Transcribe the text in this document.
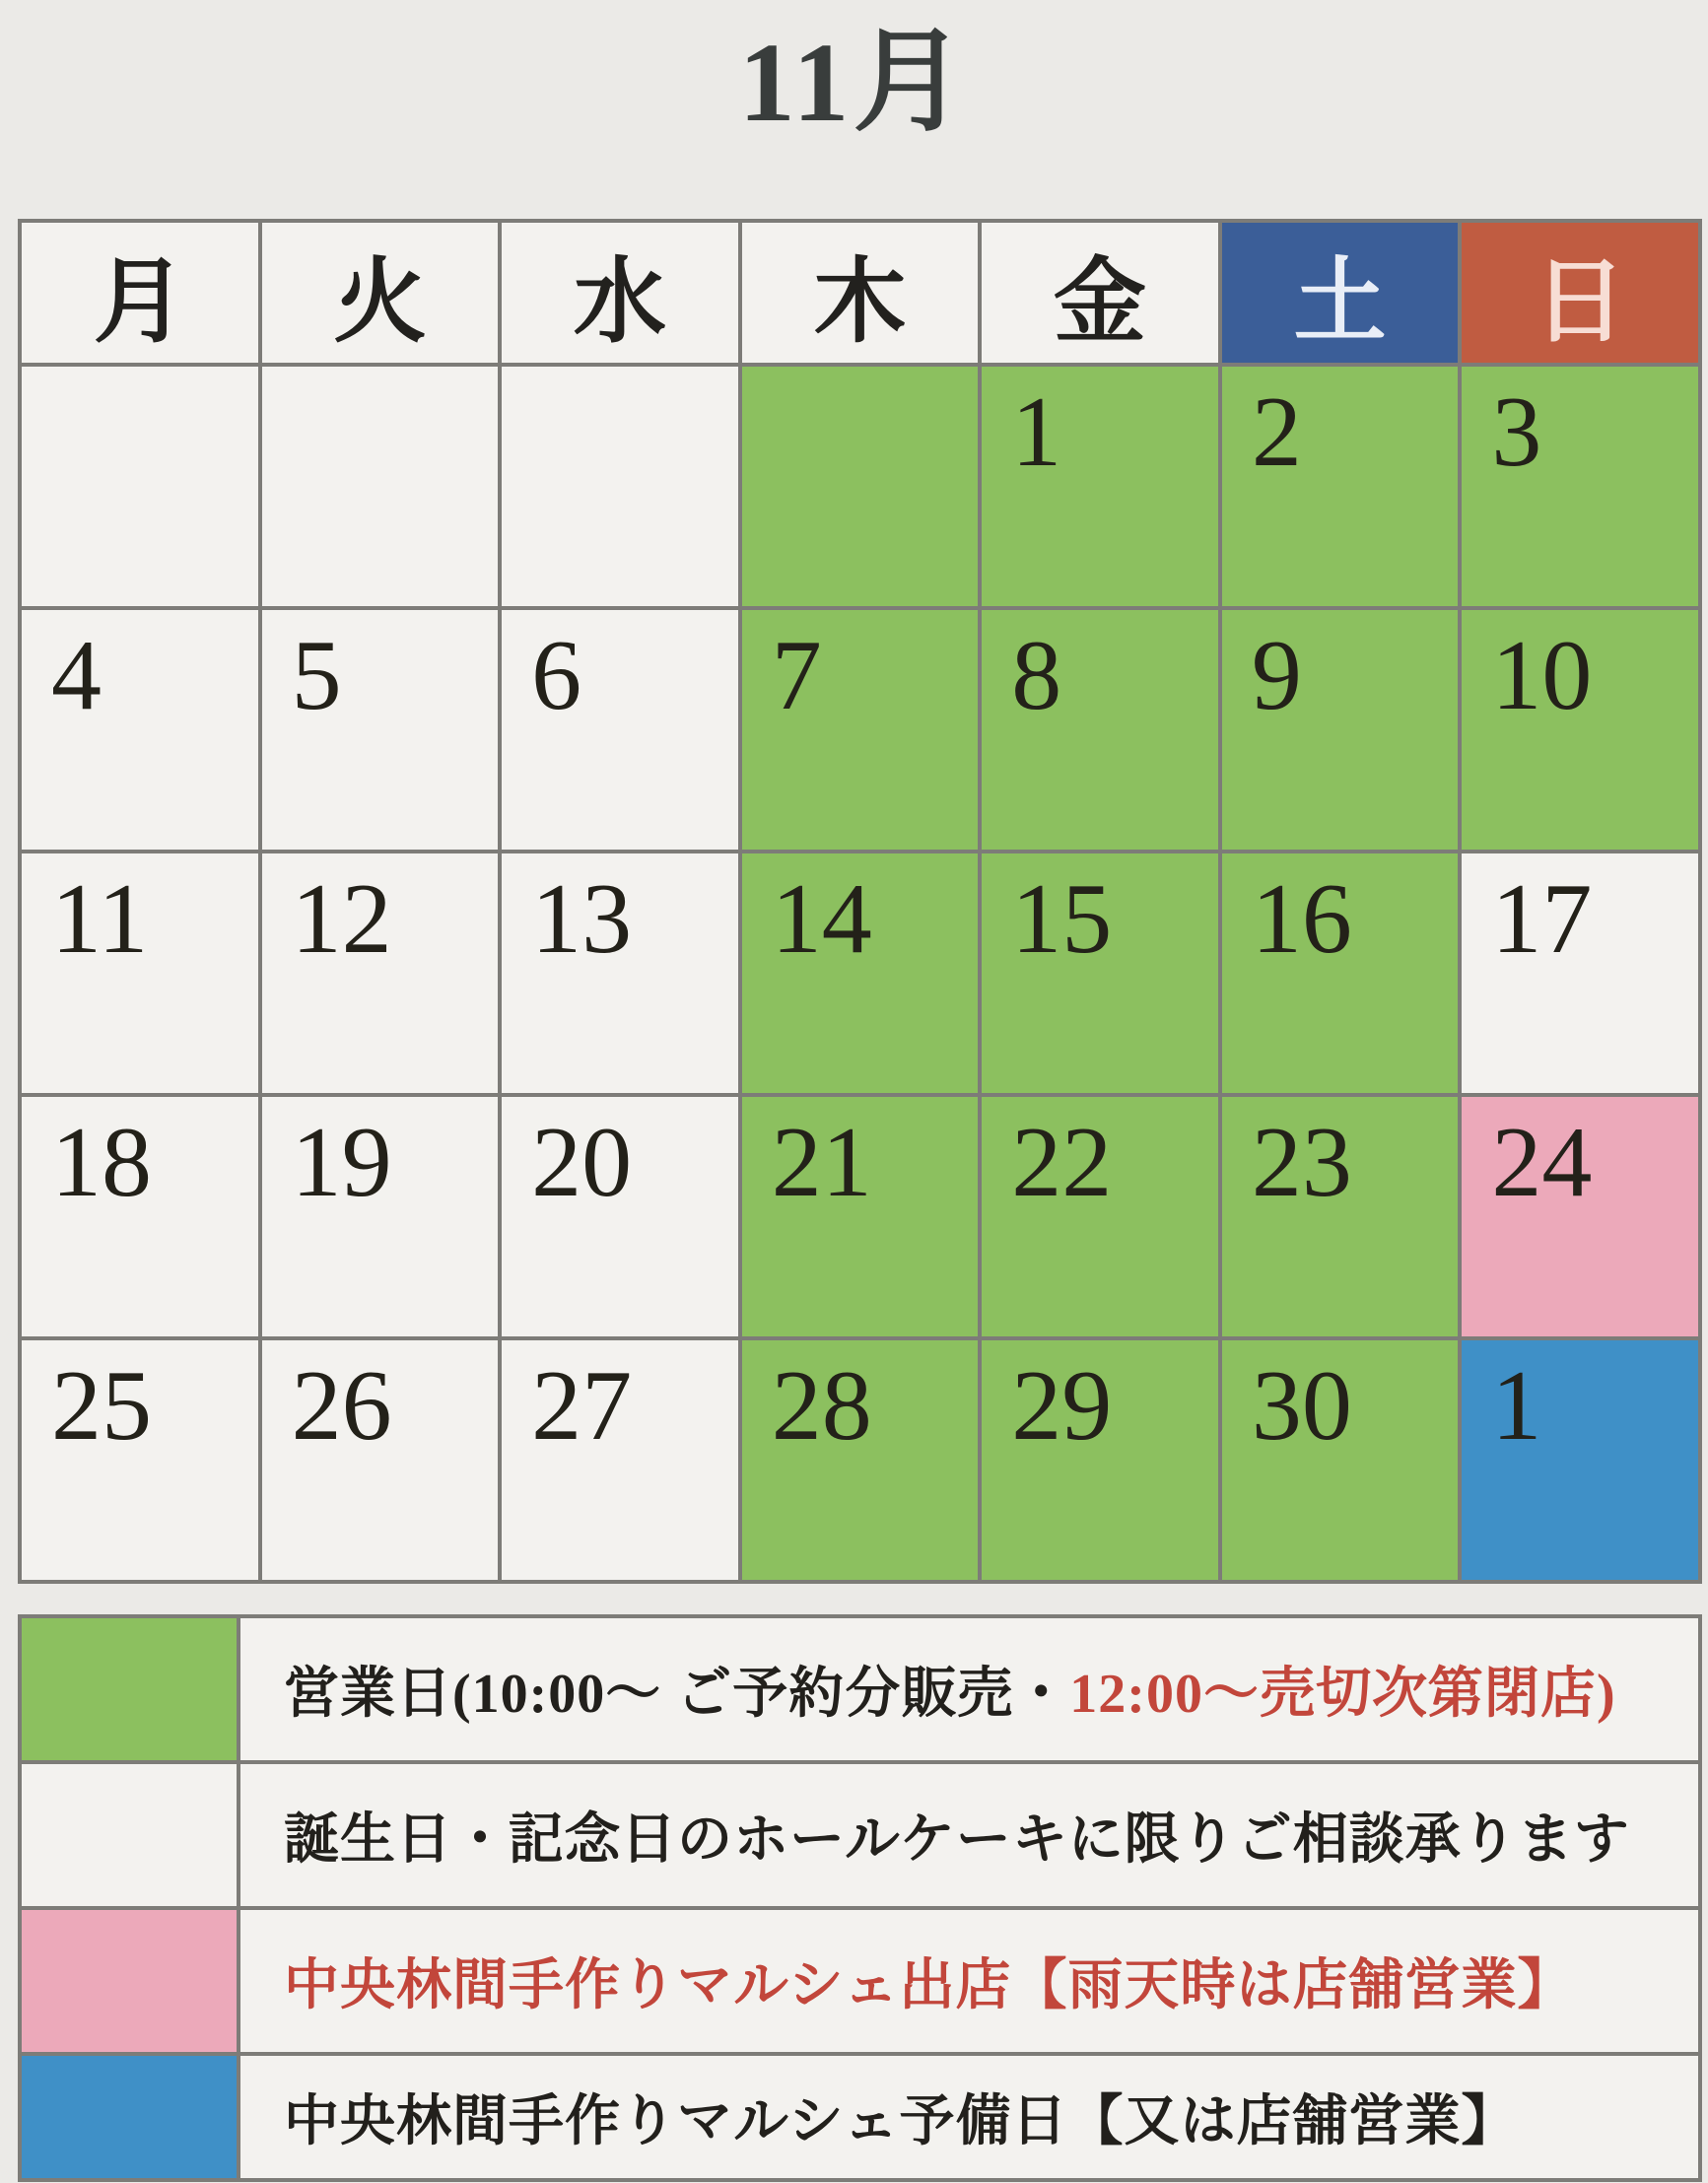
11月
月	火	水	木	金	土	日
				1	2	3
4	5	6	7	8	9	10
11	12	13	14	15	16	17
18	19	20	21	22	23	24
25	26	27	28	29	30	1
	営業日(10:00～ ご予約分販売・12:00～売切次第閉店)
	誕生日・記念日のホールケーキに限りご相談承ります
	中央林間手作りマルシェ出店【雨天時は店舗営業】
	中央林間手作りマルシェ予備日【又は店舗営業】
